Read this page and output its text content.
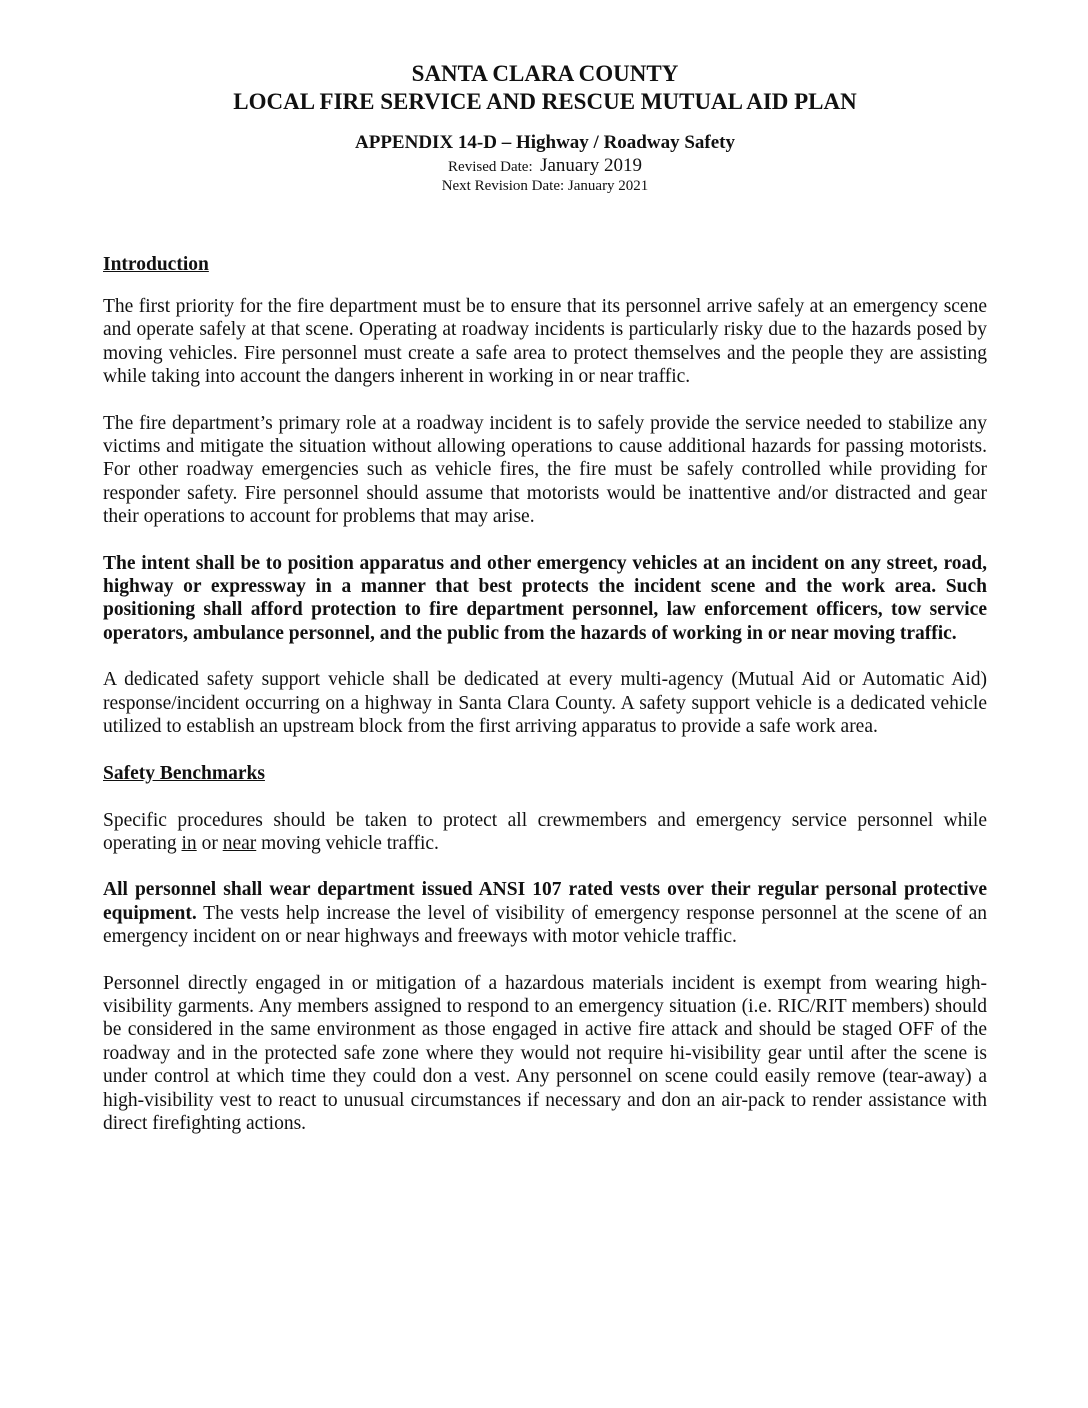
SANTA CLARA COUNTY
LOCAL FIRE SERVICE AND RESCUE MUTUAL AID PLAN
APPENDIX 14-D – Highway / Roadway Safety
Revised Date: January 2019
Next Revision Date: January 2021
Introduction

The first priority for the fire department must be to ensure that its personnel arrive safely at an emergency scene and operate safely at that scene. Operating at roadway incidents is particularly risky due to the hazards posed by moving vehicles. Fire personnel must create a safe area to protect themselves and the people they are assisting while taking into account the dangers inherent in working in or near traffic.

The fire department’s primary role at a roadway incident is to safely provide the service needed to stabilize any victims and mitigate the situation without allowing operations to cause additional hazards for passing motorists. For other roadway emergencies such as vehicle fires, the fire must be safely controlled while providing for responder safety. Fire personnel should assume that motorists would be inattentive and/or distracted and gear their operations to account for problems that may arise.

The intent shall be to position apparatus and other emergency vehicles at an incident on any street, road, highway or expressway in a manner that best protects the incident scene and the work area. Such positioning shall afford protection to fire department personnel, law enforcement officers, tow service operators, ambulance personnel, and the public from the hazards of working in or near moving traffic.

A dedicated safety support vehicle shall be dedicated at every multi-agency (Mutual Aid or Automatic Aid) response/incident occurring on a highway in Santa Clara County. A safety support vehicle is a dedicated vehicle utilized to establish an upstream block from the first arriving apparatus to provide a safe work area.

Safety Benchmarks

Specific procedures should be taken to protect all crewmembers and emergency service personnel while operating in or near moving vehicle traffic.

All personnel shall wear department issued ANSI 107 rated vests over their regular personal protective equipment. The vests help increase the level of visibility of emergency response personnel at the scene of an emergency incident on or near highways and freeways with motor vehicle traffic.

Personnel directly engaged in or mitigation of a hazardous materials incident is exempt from wearing high-visibility garments. Any members assigned to respond to an emergency situation (i.e. RIC/RIT members) should be considered in the same environment as those engaged in active fire attack and should be staged OFF of the roadway and in the protected safe zone where they would not require hi-visibility gear until after the scene is under control at which time they could don a vest. Any personnel on scene could easily remove (tear-away) a high-visibility vest to react to unusual circumstances if necessary and don an air-pack to render assistance with direct firefighting actions.
